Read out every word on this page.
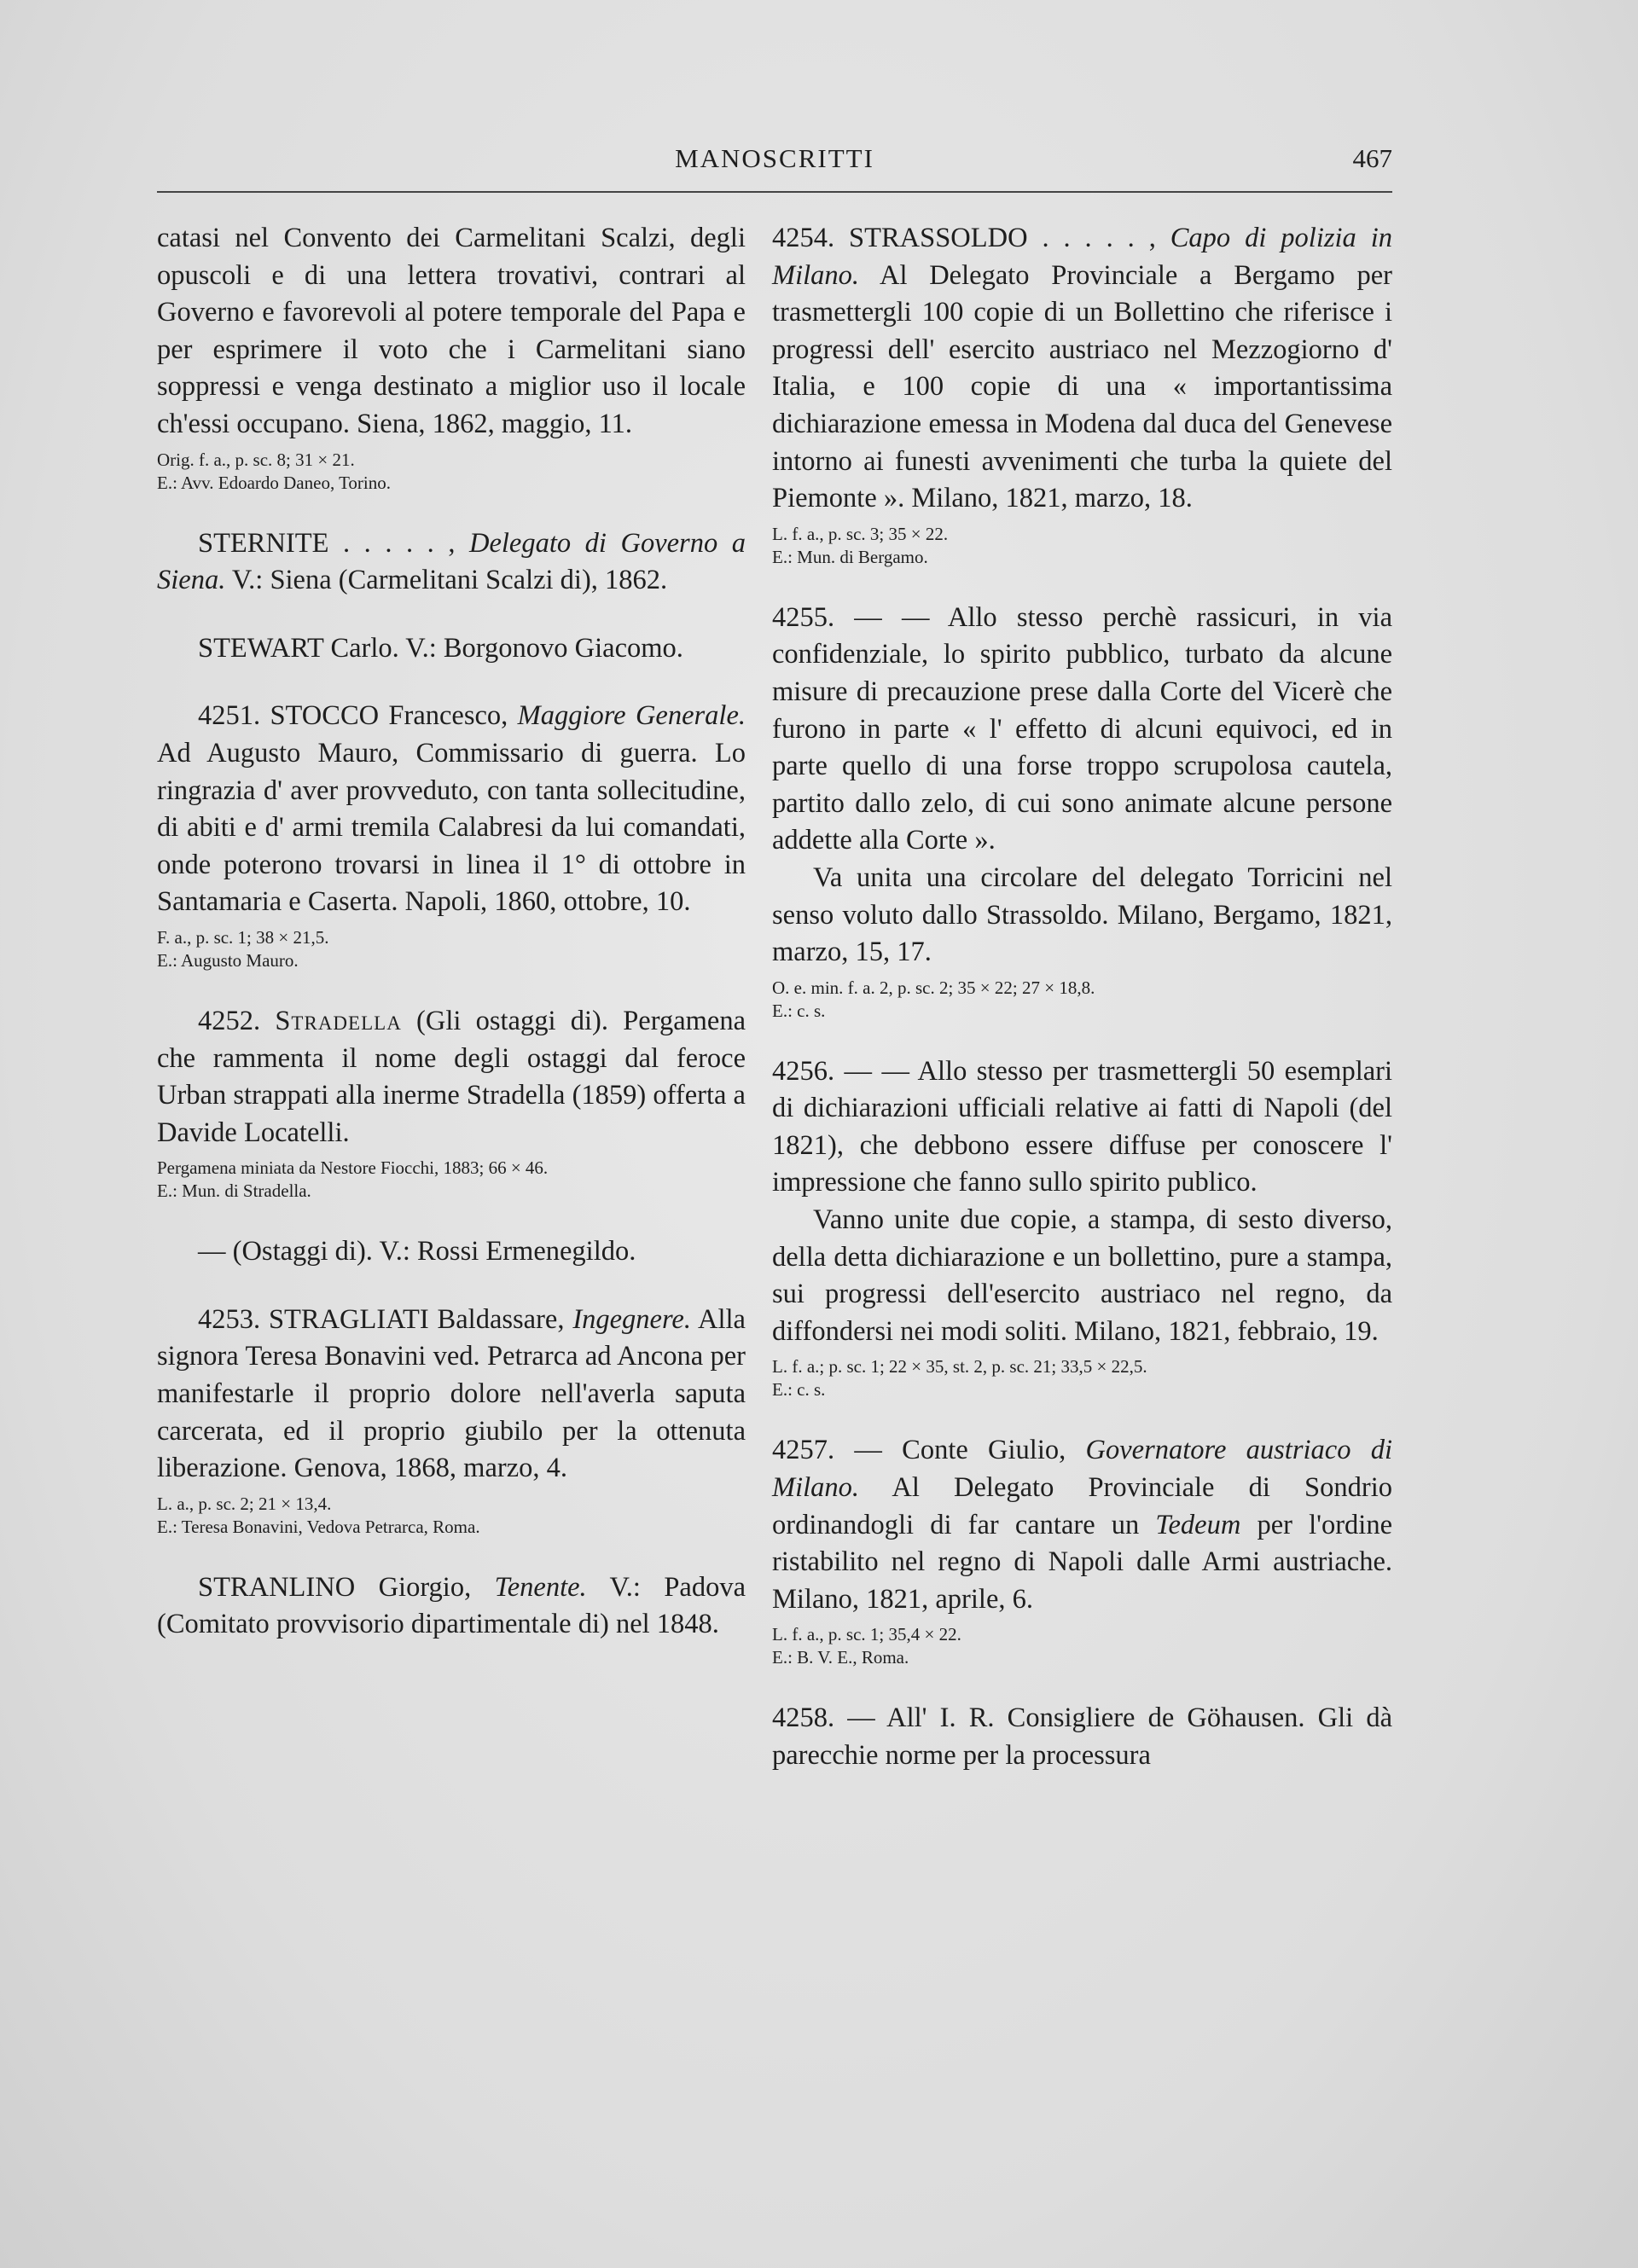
MANOSCRITTI	467

catasi nel Convento dei Carmelitani Scalzi, degli opuscoli e di una lettera trovativi, contrari al Governo e favorevoli al potere temporale del Papa e per esprimere il voto che i Carmelitani siano soppressi e venga destinato a miglior uso il locale ch'essi occupano. Siena, 1862, maggio, 11.

Orig. f. a., p. sc. 8; 31 × 21.
E.: Avv. Edoardo Daneo, Torino.

STERNITE . . . . . , Delegato di Governo a Siena. V.: Siena (Carmelitani Scalzi di), 1862.

STEWART Carlo. V.: Borgonovo Giacomo.

4251. STOCCO Francesco, Maggiore Generale. Ad Augusto Mauro, Commissario di guerra. Lo ringrazia d' aver provveduto, con tanta sollecitudine, di abiti e d' armi tremila Calabresi da lui comandati, onde poterono trovarsi in linea il 1° di ottobre in Santamaria e Caserta. Napoli, 1860, ottobre, 10.

F. a., p. sc. 1; 38 × 21,5.
E.: Augusto Mauro.

4252. Stradella (Gli ostaggi di). Pergamena che rammenta il nome degli ostaggi dal feroce Urban strappati alla inerme Stradella (1859) offerta a Davide Locatelli.

Pergamena miniata da Nestore Fiocchi, 1883; 66 × 46.
E.: Mun. di Stradella.

— (Ostaggi di). V.: Rossi Ermenegildo.

4253. STRAGLIATI Baldassare, Ingegnere. Alla signora Teresa Bonavini ved. Petrarca ad Ancona per manifestarle il proprio dolore nell'averla saputa carcerata, ed il proprio giubilo per la ottenuta liberazione. Genova, 1868, marzo, 4.

L. a., p. sc. 2; 21 × 13,4.
E.: Teresa Bonavini, Vedova Petrarca, Roma.

STRANLINO Giorgio, Tenente. V.: Padova (Comitato provvisorio dipartimentale di) nel 1848.

4254. STRASSOLDO . . . . . , Capo di polizia in Milano. Al Delegato Provinciale a Bergamo per trasmettergli 100 copie di un Bollettino che riferisce i progressi dell' esercito austriaco nel Mezzogiorno d' Italia, e 100 copie di una « importantissima dichiarazione emessa in Modena dal duca del Genevese intorno ai funesti avvenimenti che turba la quiete del Piemonte ». Milano, 1821, marzo, 18.

L. f. a., p. sc. 3; 35 × 22.
E.: Mun. di Bergamo.

4255. — — Allo stesso perchè rassicuri, in via confidenziale, lo spirito pubblico, turbato da alcune misure di precauzione prese dalla Corte del Vicerè che furono in parte « l' effetto di alcuni equivoci, ed in parte quello di una forse troppo scrupolosa cautela, partito dallo zelo, di cui sono animate alcune persone addette alla Corte ».

Va unita una circolare del delegato Torricini nel senso voluto dallo Strassoldo. Milano, Bergamo, 1821, marzo, 15, 17.

O. e. min. f. a. 2, p. sc. 2; 35 × 22; 27 × 18,8.
E.: c. s.

4256. — — Allo stesso per trasmettergli 50 esemplari di dichiarazioni ufficiali relative ai fatti di Napoli (del 1821), che debbono essere diffuse per conoscere l' impressione che fanno sullo spirito publico.

Vanno unite due copie, a stampa, di sesto diverso, della detta dichiarazione e un bollettino, pure a stampa, sui progressi dell'esercito austriaco nel regno, da diffondersi nei modi soliti. Milano, 1821, febbraio, 19.

L. f. a.; p. sc. 1; 22 × 35, st. 2, p. sc. 21; 33,5 × 22,5.
E.: c. s.

4257. — Conte Giulio, Governatore austriaco di Milano. Al Delegato Provinciale di Sondrio ordinandogli di far cantare un Tedeum per l'ordine ristabilito nel regno di Napoli dalle Armi austriache. Milano, 1821, aprile, 6.

L. f. a., p. sc. 1; 35,4 × 22.
E.: B. V. E., Roma.

4258. — All' I. R. Consigliere de Göhausen. Gli dà parecchie norme per la processura
